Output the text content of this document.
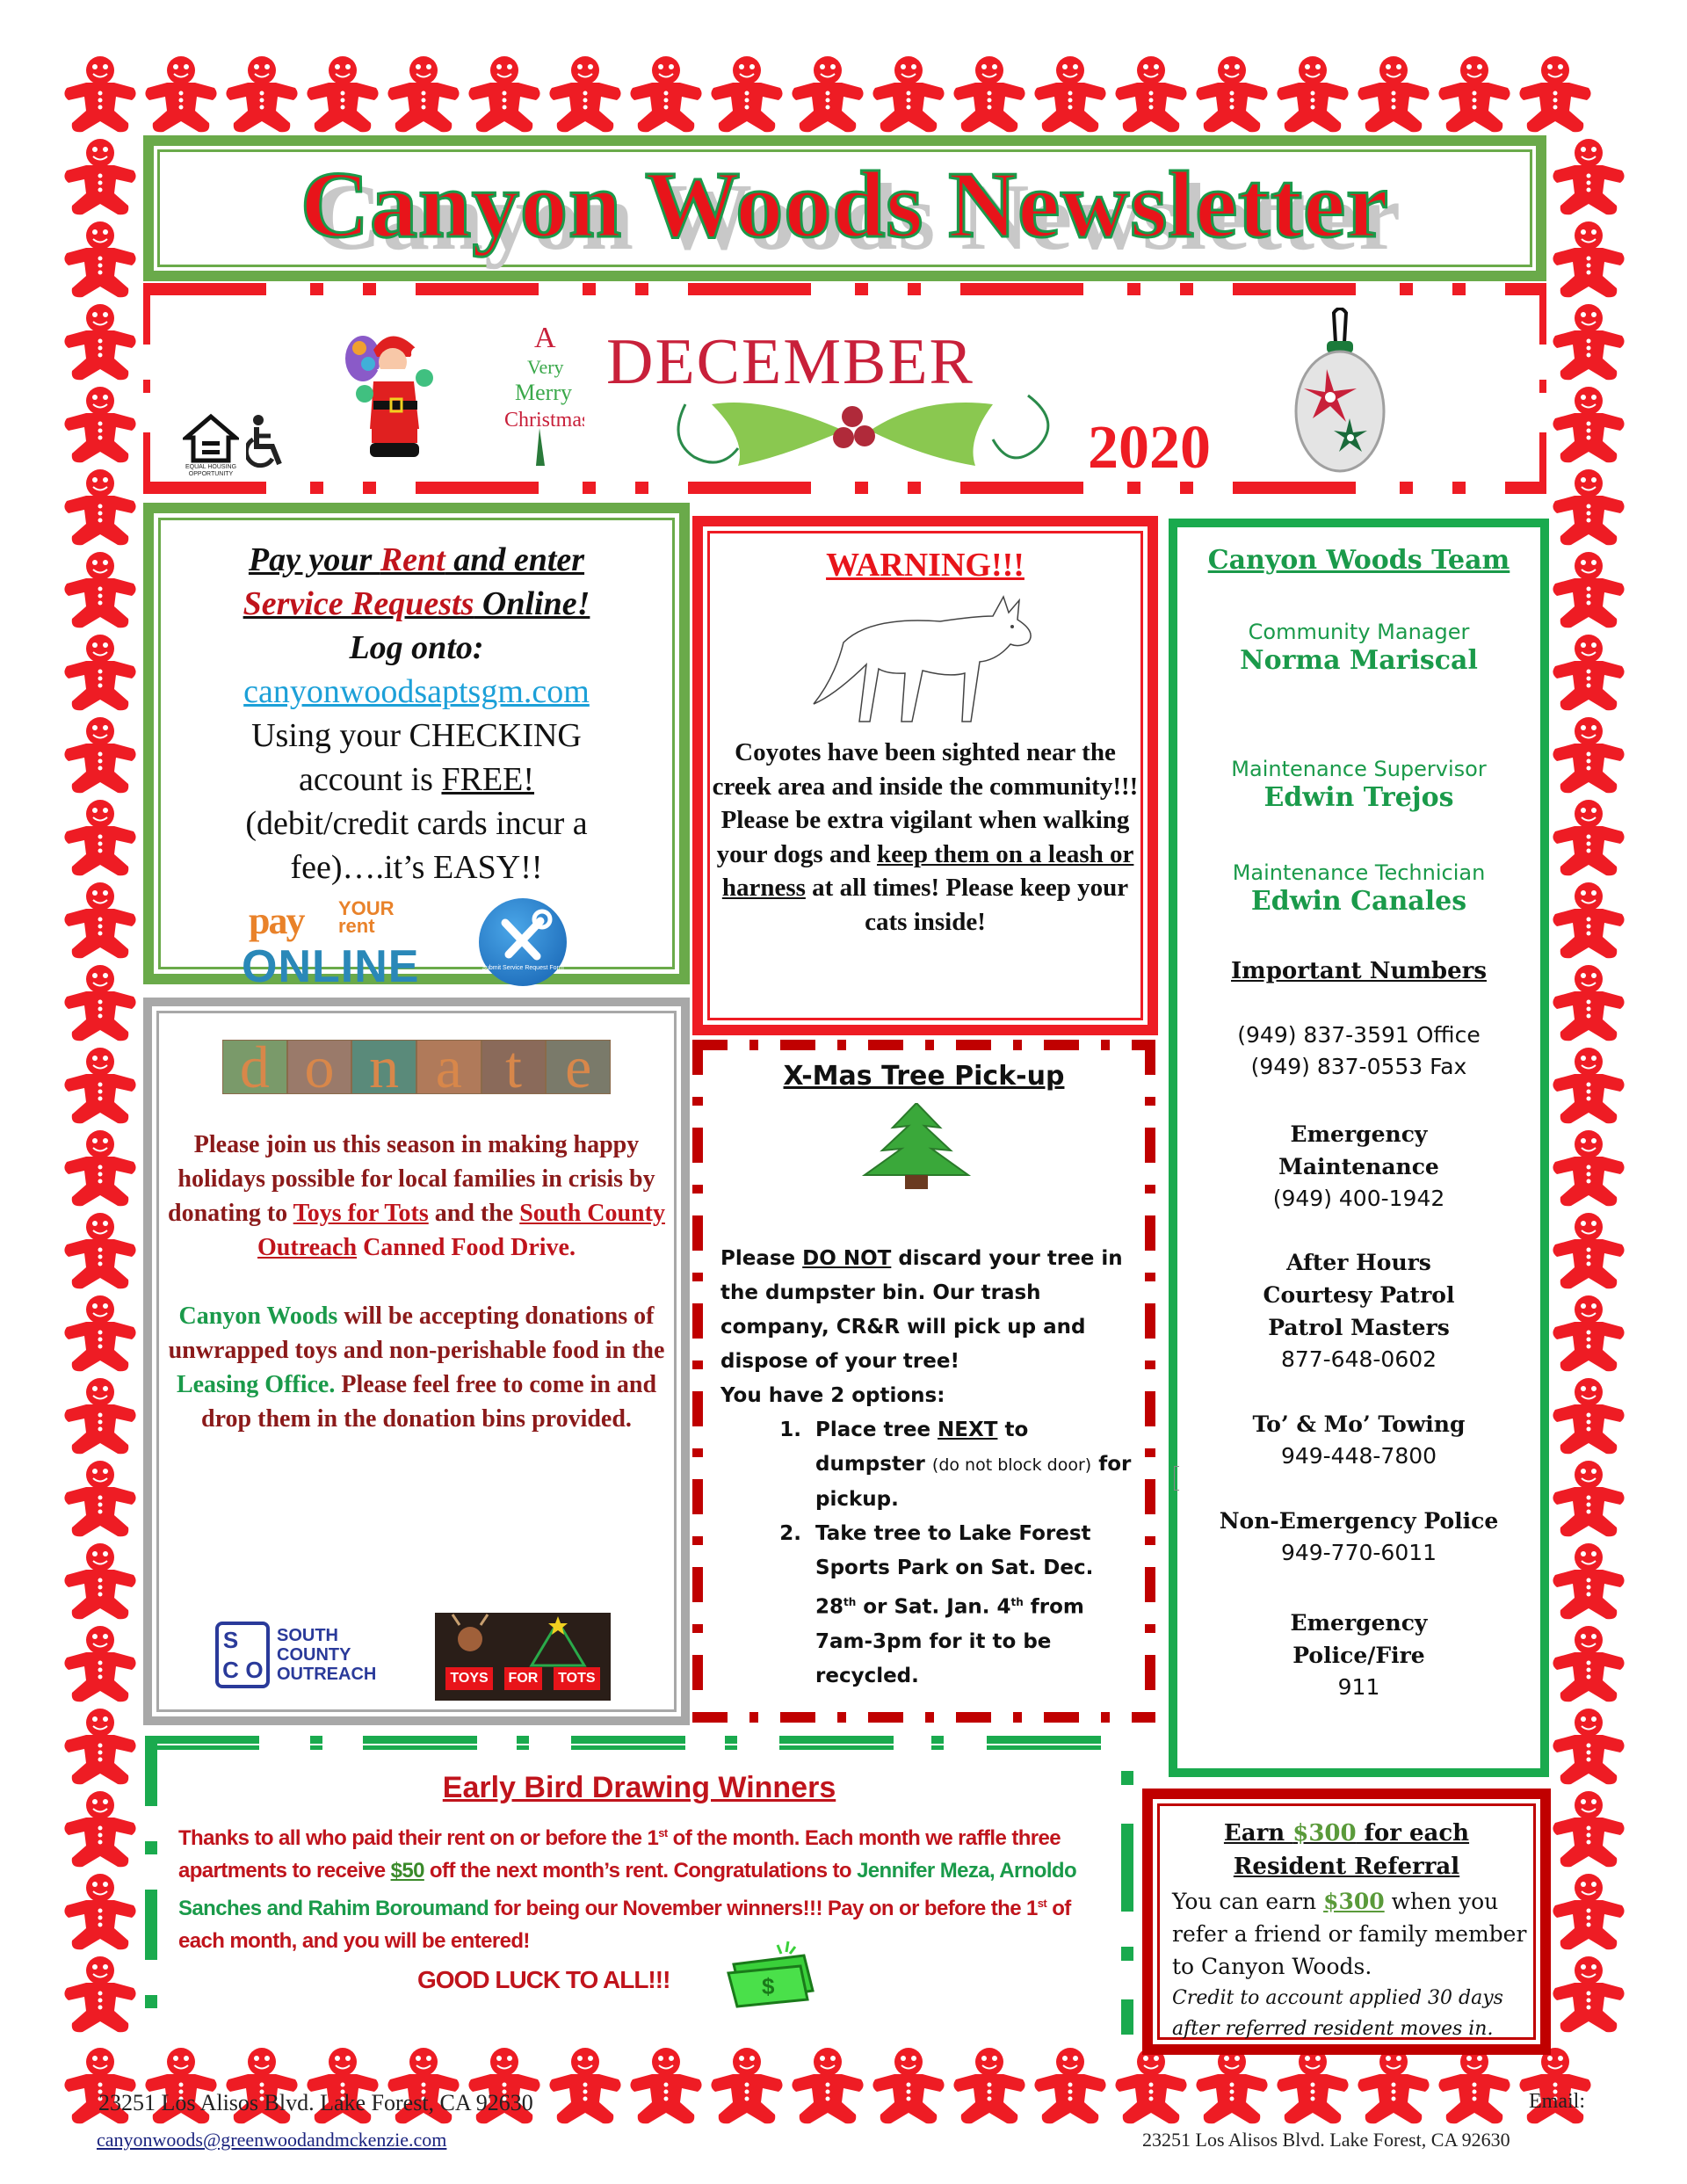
Canyon Woods Newsletter
EQUAL HOUSING OPPORTUNITY
A
Very
Merry
Christmas
DECEMBER
2020
Pay your Rent and enter
Service Requests Online!
Log onto:
canyonwoodsaptsgm.com
Using your CHECKING
account is FREE!
(debit/credit cards incur a
fee)….it’s EASY!!
pay YOUR
rent
ONLINE	Submit Service Request Form
d o n a t e

Please join us this season in making happy holidays possible for local families in crisis by donating to Toys for Tots and the South County Outreach Canned Food Drive.

Canyon Woods will be accepting donations of unwrapped toys and non-perishable food in the Leasing Office. Please feel free to come in and drop them in the donation bins provided.

S
C O
SOUTH
COUNTY
OUTREACH	TOYS	FOR	TOTS
WARNING!!!
Coyotes have been sighted near the creek area and inside the community!!!
Please be extra vigilant when walking your dogs and keep them on a leash or harness at all times! Please keep your cats inside!
X-Mas Tree Pick-up
Please DO NOT discard your tree in the dumpster bin. Our trash company, CR&R will pick up and dispose of your tree!
You have 2 options:
1. Place tree NEXT to dumpster (do not block door) for pickup.
2. Take tree to Lake Forest Sports Park on Sat. Dec. 28th or Sat. Jan. 4th from 7am-3pm for it to be recycled.
Canyon Woods Team
Community Manager
Norma Mariscal
Maintenance Supervisor
Edwin Trejos
Maintenance Technician
Edwin Canales
Important Numbers
(949) 837-3591 Office
(949) 837-0553 Fax
Emergency
Maintenance
(949) 400-1942
After Hours
Courtesy Patrol
Patrol Masters
877-648-0602
To’ & Mo’ Towing
949-448-7800
Non-Emergency Police
949-770-6011
Emergency
Police/Fire
911
Early Bird Drawing Winners
Thanks to all who paid their rent on or before the 1st of the month. Each month we raffle three apartments to receive $50 off the next month’s rent. Congratulations to Jennifer Meza, Arnoldo Sanches and Rahim Boroumand for being our November winners!!! Pay on or before the 1st of each month, and you will be entered!
GOOD LUCK TO ALL!!!	$
Earn $300 for each
Resident Referral
You can earn $300 when you refer a friend or family member to Canyon Woods.
Credit to account applied 30 days after referred resident moves in.
23251 Los Alisos Blvd. Lake Forest, CA 92630	Email:
canyonwoods@greenwoodandmckenzie.com	23251 Los Alisos Blvd. Lake Forest, CA 92630
